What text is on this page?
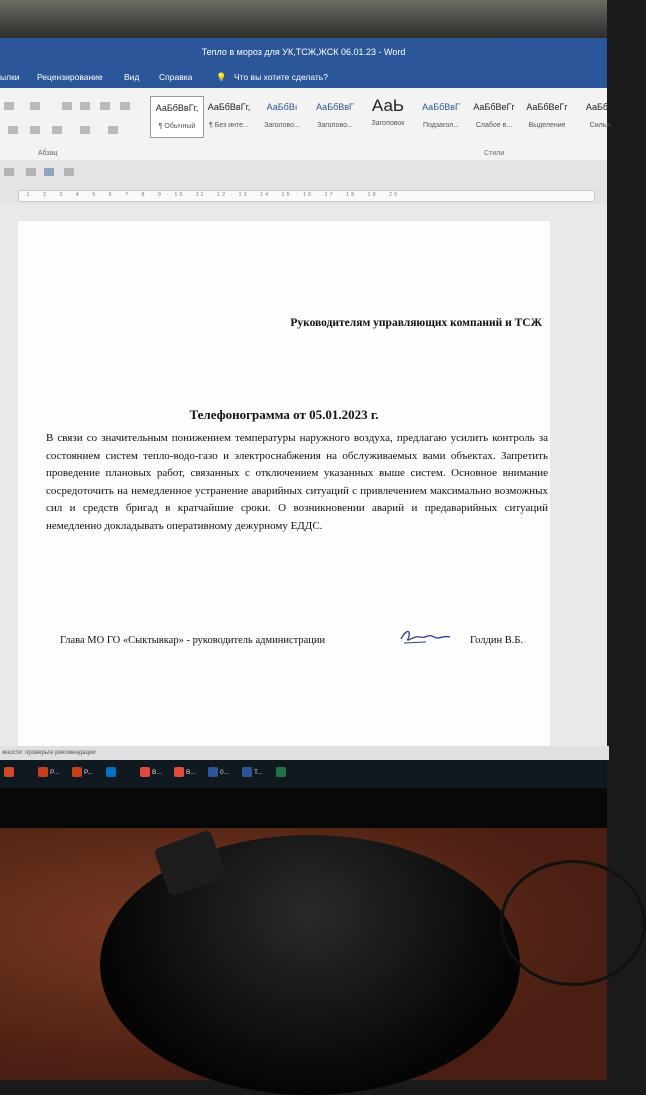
Тепло в мороз для УК,ТСЖ,ЖСК 06.01.23 - Word
ылки Рецензирование	Вид Справка	💡 Что вы хотите сделать?
Абзац
АаБбВвГг,
¶ Обычный
АаБбВвГг,
¶ Без инте...
АаБбВı
Заголово...
АаБбВвГ
Заголово...
АаЬ
Заголовок
АаБбВвГ
Подзагол...
АаБбВеГг
Слабое в...
АаБбВеГг
Выделение
АаБбВ
Сильн
Стили
· 1 · 2 · 3 · 4 · 5 · 6 · 7 · 8 · 9 · 10 · 11 · 12 · 13 · 14 · 15 · 16 · 17 · 18 · 19 · 20
Руководителям управляющих компаний и ТСЖ
Телефонограмма от 05.01.2023 г.
В связи со значительным понижением температуры наружного воздуха, предлагаю усилить контроль за состоянием систем тепло-водо-газо и электроснабжения на обслуживаемых вами объектах. Запретить проведение плановых работ, связанных с отключением указанных выше систем. Основное внимание сосредоточить на немедленное устранение аварийных ситуаций с привлечением максимально возможных сил и средств бригад в кратчайшие сроки. О возникновении аварий и предаварийных ситуаций немедленно докладывать оперативному дежурному ЕДДС.
Глава МО ГО «Сыктывкар» - руководитель администрации	Голдин В.Б.
жности: проверьте рекомендации
P...	P...	B...	B...	0...	T...
